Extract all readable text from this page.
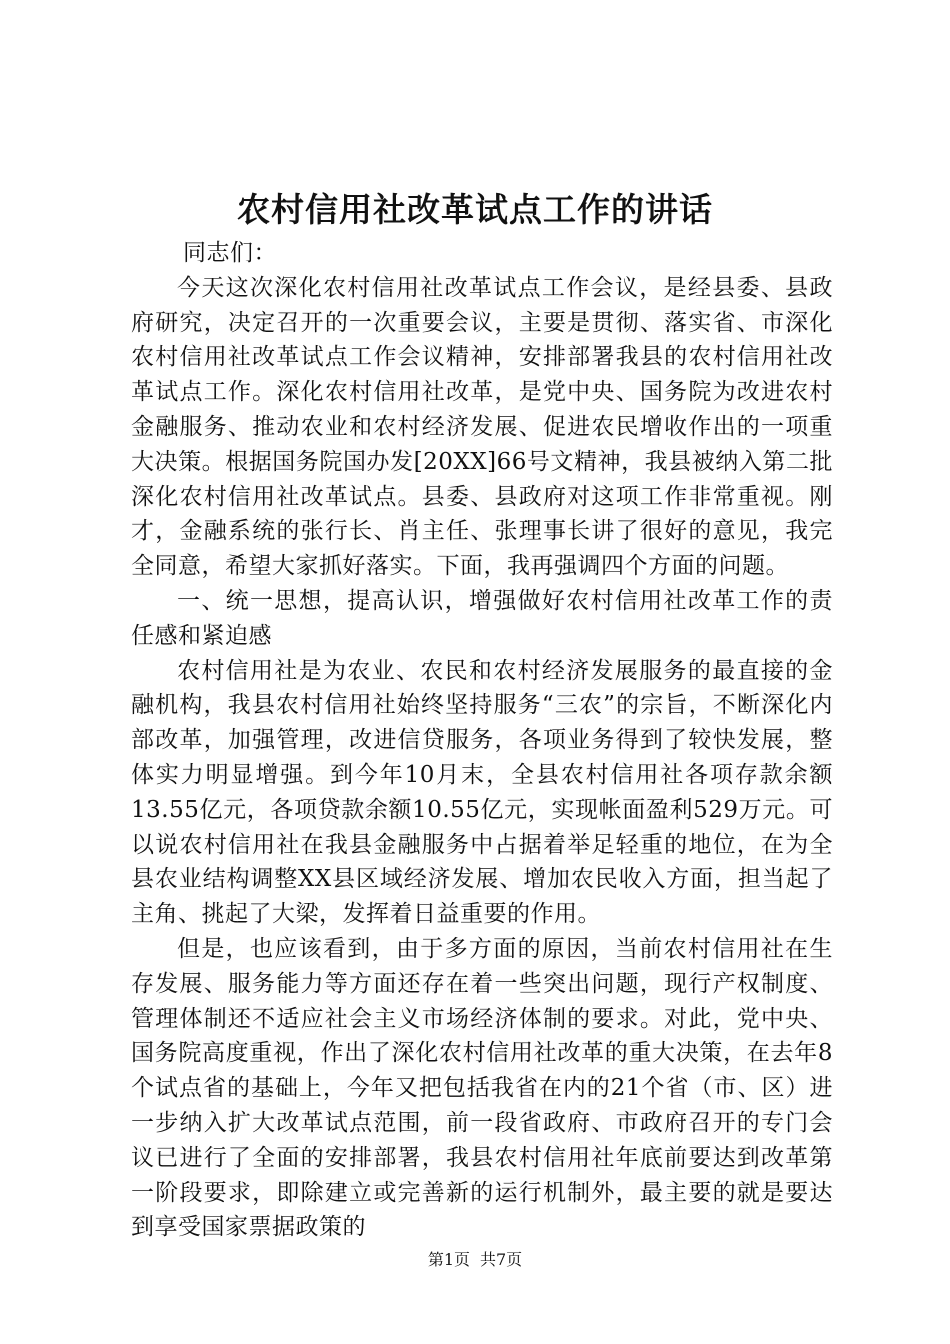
农村信用社改革试点工作的讲话

同志们：

今天这次深化农村信用社改革试点工作会议，是经县委、县政府研究，决定召开的一次重要会议，主要是贯彻、落实省、市深化农村信用社改革试点工作会议精神，安排部署我县的农村信用社改革试点工作。深化农村信用社改革，是党中央、国务院为改进农村金融服务、推动农业和农村经济发展、促进农民增收作出的一项重大决策。根据国务院国办发[20XX]66号文精神，我县被纳入第二批深化农村信用社改革试点。县委、县政府对这项工作非常重视。刚才，金融系统的张行长、肖主任、张理事长讲了很好的意见，我完全同意，希望大家抓好落实。下面，我再强调四个方面的问题。

一、统一思想，提高认识，增强做好农村信用社改革工作的责任感和紧迫感

农村信用社是为农业、农民和农村经济发展服务的最直接的金融机构，我县农村信用社始终坚持服务“三农”的宗旨，不断深化内部改革，加强管理，改进信贷服务，各项业务得到了较快发展，整体实力明显增强。到今年10月末，全县农村信用社各项存款余额13.55亿元，各项贷款余额10.55亿元，实现帐面盈利529万元。可以说农村信用社在我县金融服务中占据着举足轻重的地位，在为全县农业结构调整XX县区域经济发展、增加农民收入方面，担当起了主角、挑起了大梁，发挥着日益重要的作用。

但是，也应该看到，由于多方面的原因，当前农村信用社在生存发展、服务能力等方面还存在着一些突出问题，现行产权制度、管理体制还不适应社会主义市场经济体制的要求。对此，党中央、国务院高度重视，作出了深化农村信用社改革的重大决策，在去年8个试点省的基础上，今年又把包括我省在内的21个省（市、区）进一步纳入扩大改革试点范围，前一段省政府、市政府召开的专门会议已进行了全面的安排部署，我县农村信用社年底前要达到改革第一阶段要求，即除建立或完善新的运行机制外，最主要的就是要达到享受国家票据政策的

第1页 共7页
